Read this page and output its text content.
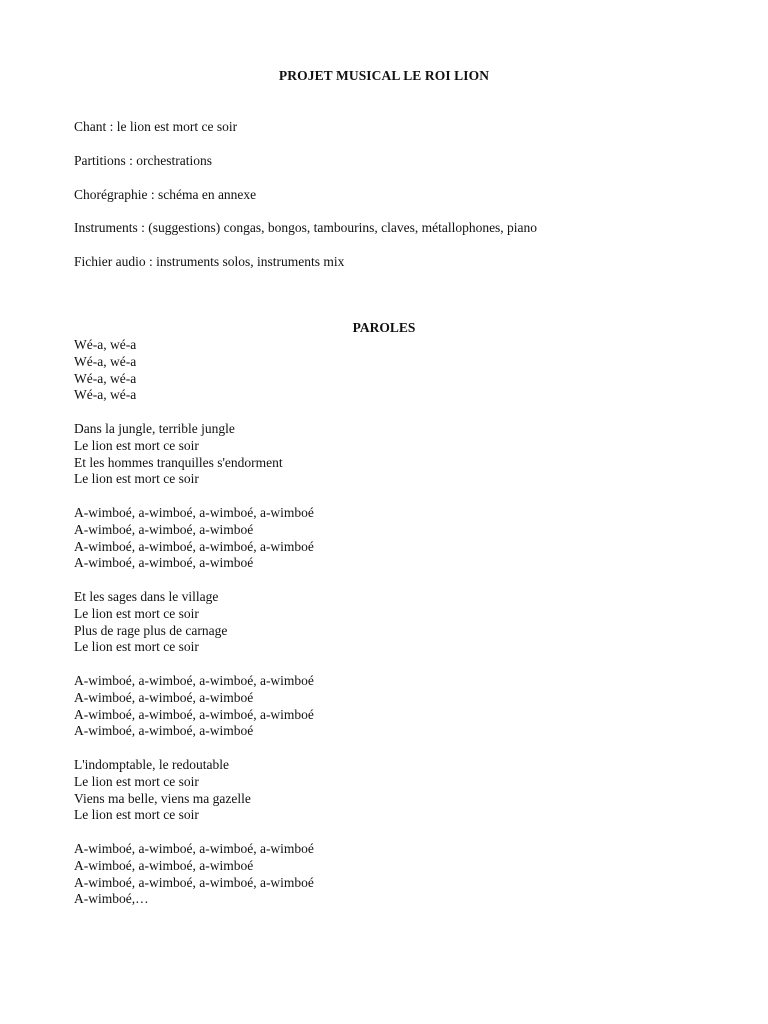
PROJET MUSICAL LE ROI LION
Chant : le lion est mort ce soir
Partitions : orchestrations
Chorégraphie : schéma en annexe
Instruments : (suggestions) congas, bongos, tambourins, claves, métallophones, piano
Fichier audio : instruments solos, instruments mix
PAROLES
Wé-a, wé-a
Wé-a, wé-a
Wé-a, wé-a
Wé-a, wé-a
Dans la jungle, terrible jungle
Le lion est mort ce soir
Et les hommes tranquilles s'endorment
Le lion est mort ce soir
A-wimboé, a-wimboé, a-wimboé, a-wimboé
A-wimboé, a-wimboé, a-wimboé
A-wimboé, a-wimboé, a-wimboé, a-wimboé
A-wimboé, a-wimboé, a-wimboé
Et les sages dans le village
Le lion est mort ce soir
Plus de rage plus de carnage
Le lion est mort ce soir
A-wimboé, a-wimboé, a-wimboé, a-wimboé
A-wimboé, a-wimboé, a-wimboé
A-wimboé, a-wimboé, a-wimboé, a-wimboé
A-wimboé, a-wimboé, a-wimboé
L'indomptable, le redoutable
Le lion est mort ce soir
Viens ma belle, viens ma gazelle
Le lion est mort ce soir
A-wimboé, a-wimboé, a-wimboé, a-wimboé
A-wimboé, a-wimboé, a-wimboé
A-wimboé, a-wimboé, a-wimboé, a-wimboé
A-wimboé,…
